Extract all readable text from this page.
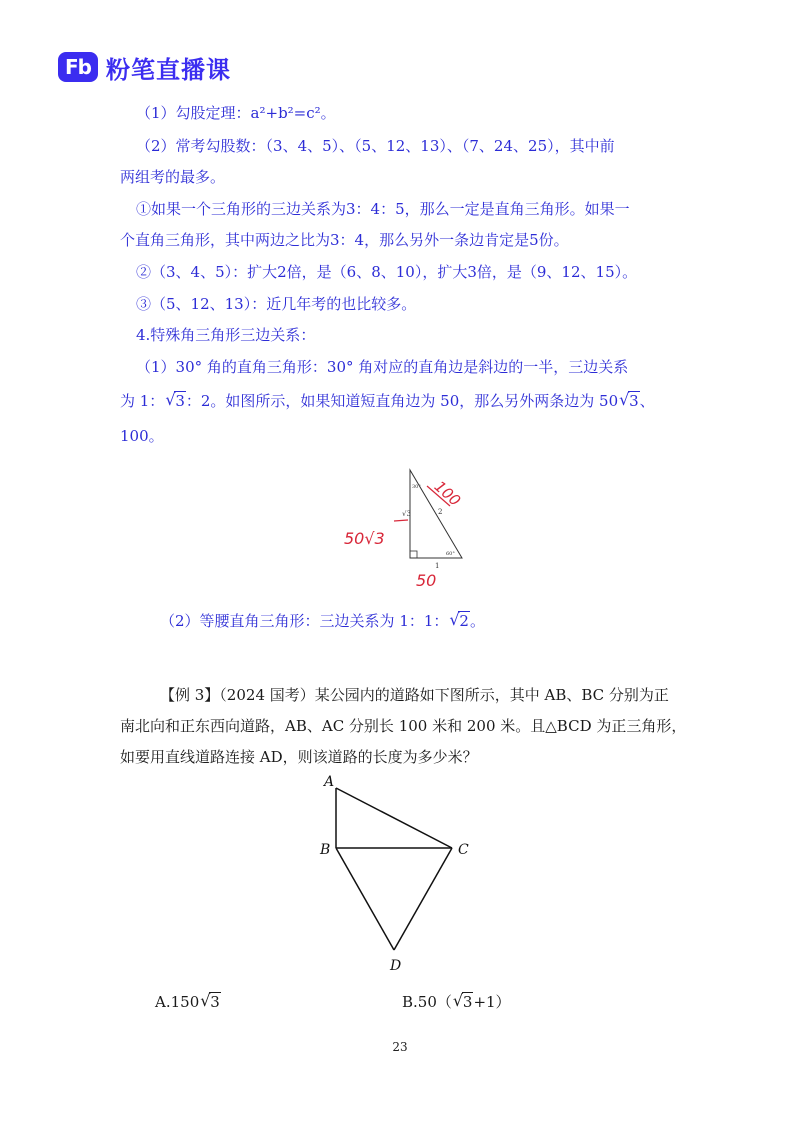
Fb 粉笔直播课
（1）勾股定理：a²+b²=c²。
（2）常考勾股数：（3、4、5）、（5、12、13）、（7、24、25），其中前
两组考的最多。
①如果一个三角形的三边关系为3：4：5，那么一定是直角三角形。如果一
个直角三角形，其中两边之比为3：4，那么另外一条边肯定是5份。
②（3、4、5）：扩大2倍，是（6、8、10），扩大3倍，是（9、12、15）。
③（5、12、13）：近几年考的也比较多。
4.特殊角三角形三边关系：
（1）30° 角的直角三角形：30° 角对应的直角边是斜边的一半，三边关系
为 1： √ 3：2。如图所示，如果知道短直角边为 50，那么另外两条边为 50 √ 3、
100。
√3	2
1
30°
60°
50√3
100
50
（2）等腰直角三角形：三边关系为 1：1： √ 2。
【例 3】（2024 国考）某公园内的道路如下图所示，其中 AB、BC 分别为正
南北向和正东西向道路，AB、AC 分别长 100 米和 200 米。且△BCD 为正三角形，
如要用直线道路连接 AD，则该道路的长度为多少米？
A
B	C
D
A.150 √ 3	B.50（ √ 3+1）
23
